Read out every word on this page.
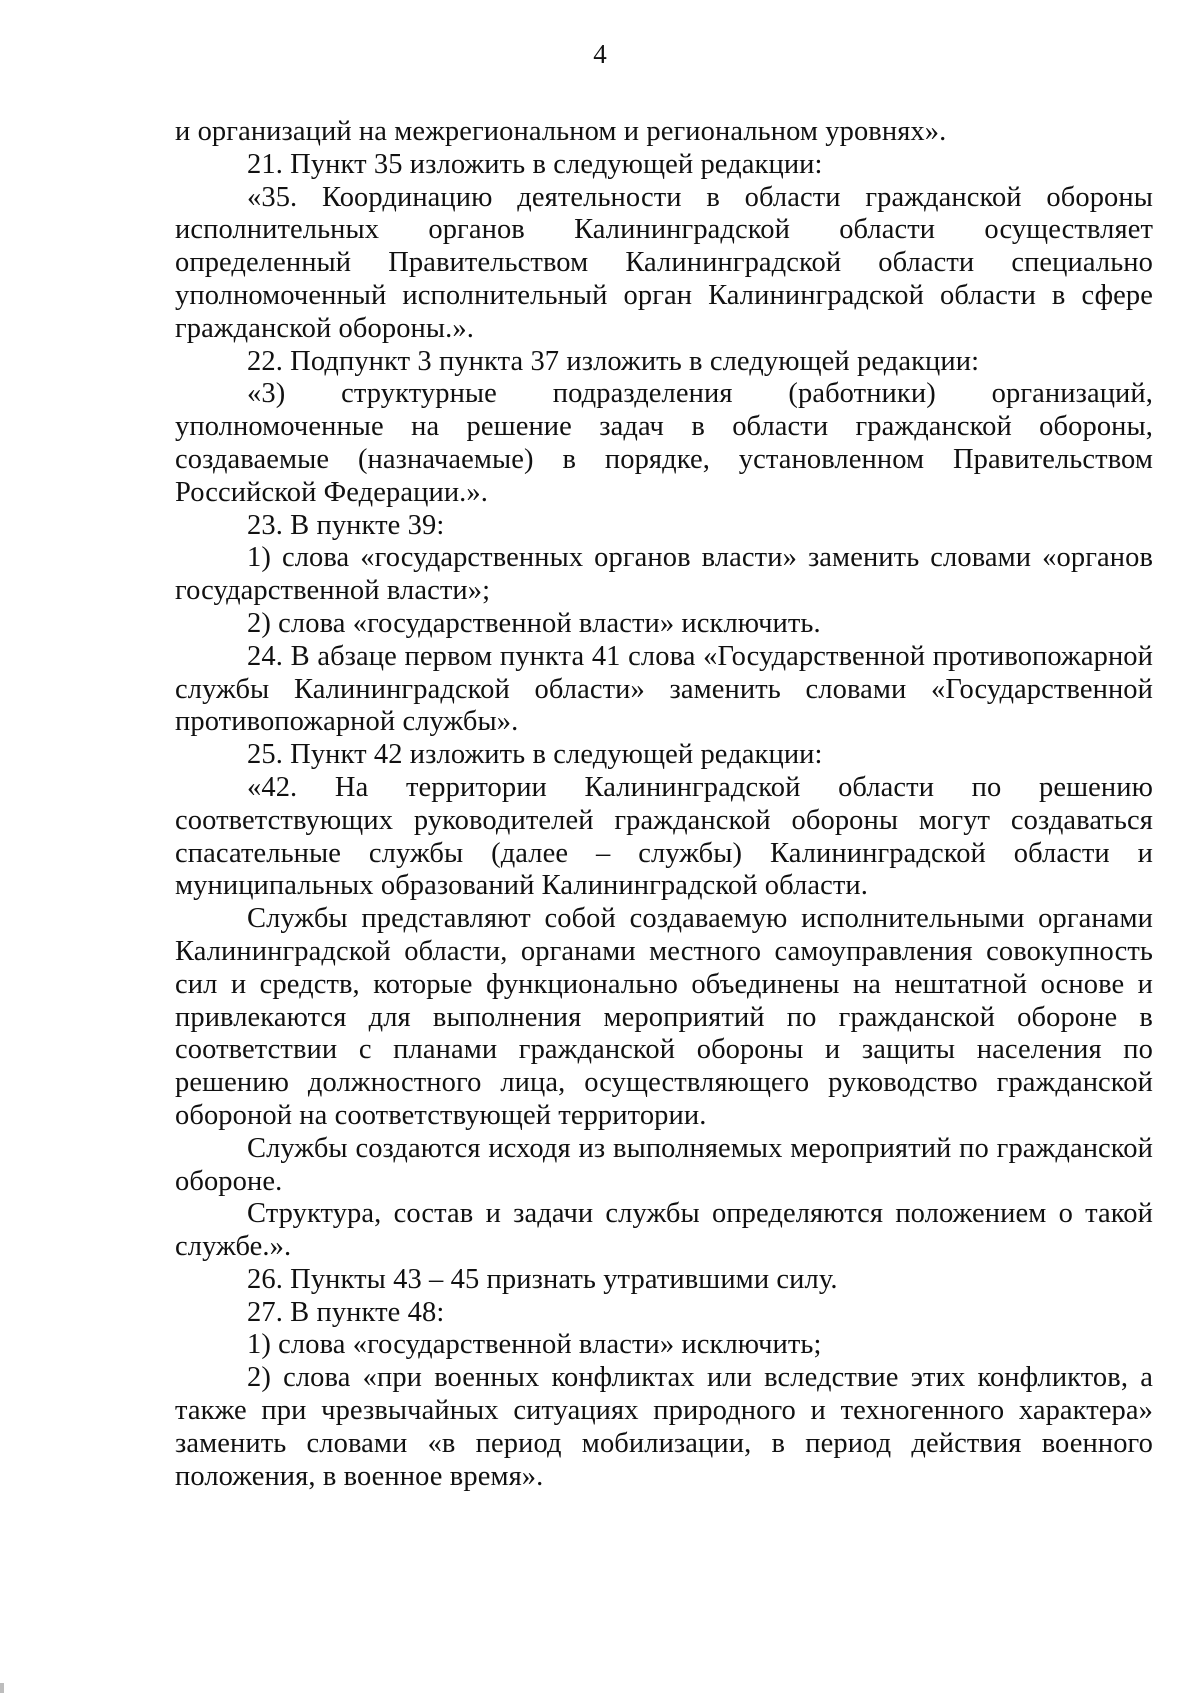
4

и организаций на межрегиональном и региональном уровнях».

21. Пункт 35 изложить в следующей редакции:

«35. Координацию деятельности в области гражданской обороны исполнительных органов Калининградской области осуществляет определенный Правительством Калининградской области специально уполномоченный исполнительный орган Калининградской области в сфере гражданской обороны.».

22. Подпункт 3 пункта 37 изложить в следующей редакции:

«3) структурные подразделения (работники) организаций, уполномоченные на решение задач в области гражданской обороны, создаваемые (назначаемые) в порядке, установленном Правительством Российской Федерации.».

23. В пункте 39:

1) слова «государственных органов власти» заменить словами «органов государственной власти»;

2) слова «государственной власти» исключить.

24. В абзаце первом пункта 41 слова «Государственной противопожарной службы Калининградской области» заменить словами «Государственной противопожарной службы».

25. Пункт 42 изложить в следующей редакции:

«42. На территории Калининградской области по решению соответствующих руководителей гражданской обороны могут создаваться спасательные службы (далее – службы) Калининградской области и муниципальных образований Калининградской области.

Службы представляют собой создаваемую исполнительными органами Калининградской области, органами местного самоуправления совокупность сил и средств, которые функционально объединены на нештатной основе и привлекаются для выполнения мероприятий по гражданской обороне в соответствии с планами гражданской обороны и защиты населения по решению должностного лица, осуществляющего руководство гражданской обороной на соответствующей территории.

Службы создаются исходя из выполняемых мероприятий по гражданской обороне.

Структура, состав и задачи службы определяются положением о такой службе.».

26. Пункты 43 – 45 признать утратившими силу.

27. В пункте 48:

1) слова «государственной власти» исключить;

2) слова «при военных конфликтах или вследствие этих конфликтов, а также при чрезвычайных ситуациях природного и техногенного характера» заменить словами «в период мобилизации, в период действия военного положения, в военное время».
